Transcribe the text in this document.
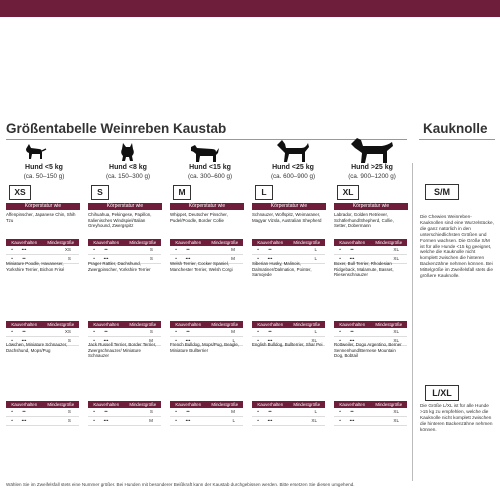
Größentabelle Weinreben Kaustab	Kauknolle
Hund <5 kg
(ca. 50–150 g)
XS
Körperstatur wie
Affenpinscher, Japanese Chin, Shih Tzu
Kauverhalten	Mindestgröße
•	•••	XS
•	••	S
Miniature Poodle, Havaneser, Yorkshire Terrier, Bichon Frisé
Kauverhalten	Mindestgröße
•	••	XS
•	•••	S
Löwchen, Miniature Schnauzer, Dachshund, Mops/Pug
Kauverhalten	Mindestgröße
•	••	S
•	•••	S
Hund <8 kg
(ca. 150–300 g)
S
Körperstatur wie
Chihuahua, Pekingese, Papillon, Italienisches Windspiel/Italian Greyhound, Zwergspitz
Kauverhalten	Mindestgröße
•	••	S
•	•••	S
Prager Rattler, Dachshund, Zwergpinscher, Yorkshire Terrier
Kauverhalten	Mindestgröße
•	••	S
•	•••	M
Jack Russell Terrier, Border Terrier, Zwergschnauzer/ Miniature Schnauzer
Kauverhalten	Mindestgröße
•	••	S
•	•••	M
Hund <15 kg
(ca. 300–600 g)
M
Körperstatur wie
Whippet, Deutscher Pinscher, Pudel/Poodle, Border Collie
Kauverhalten	Mindestgröße
•	••	M
•	•••	M
Welsh Terrier, Cocker Spaniel, Manchester Terrier, Welsh Corgi
Kauverhalten	Mindestgröße
•	••	M
•	•••	L
French Bulldog, Mops/Pug, Beagle, Miniature Bullterrier
Kauverhalten	Mindestgröße
•	••	M
•	•••	L
Hund <25 kg
(ca. 600–900 g)
L
Körperstatur wie
Schnauzer, Wolfspitz, Weimaraner, Magyar Vizsla, Australian Shepherd
Kauverhalten	Mindestgröße
•	••	L
•	•••	L
Siberian Husky, Malinois, Dalmatiner/Dalmation, Pointer, Samojede
Kauverhalten	Mindestgröße
•	••	L
•	•••	XL
English Bulldog, Bullterrier, Shar Pei
Kauverhalten	Mindestgröße
•	••	L
•	•••	XL
Hund >25 kg
(ca. 900–1200 g)
XL
Körperstatur wie
Labrador, Golden Retriever, Schäferhund/Shepherd, Collie, Setter, Dobermann
Kauverhalten	Mindestgröße
•	••	XL
•	•••	XL
Boxer, Bull Terrier, Rhodesian Ridgeback, Malamute, Basset, Riesenschnauzer
Kauverhalten	Mindestgröße
•	••	XL
•	•••	XL
Rottweiler, Dogo Argentino, Berner Sennenhund/Bernese Mountain Dog, Bobtail
Kauverhalten	Mindestgröße
•	••	XL
•	•••	XL
S/M
Die Chewies Weinreben-Kauknollen sind eine Wurzelstücke, die ganz natürlich in den unterschiedlichsten Größen und Formen wachsen. Die Größe S/M ist für alle Hunde <15 kg geeignet, welche die Kauknolle nicht komplett zwischen die hinteren Backenzähne nehmen können. Bei Mittelgröße im Zweifelsfall stets die größere Kauknolle.
L/XL
Die Größe L/XL ist für alle Hunde >15 kg zu empfehlen, welche die Kauknolle nicht komplett zwischen die hinteren Backenzähne nehmen können.
Wählen Sie im Zweifelsfall stets eine Nummer größer. Bei Hunden mit besonderer Beißkraft kann der Kaustab durchgebissen werden. Bitte ersetzen Sie diesen umgehend.
